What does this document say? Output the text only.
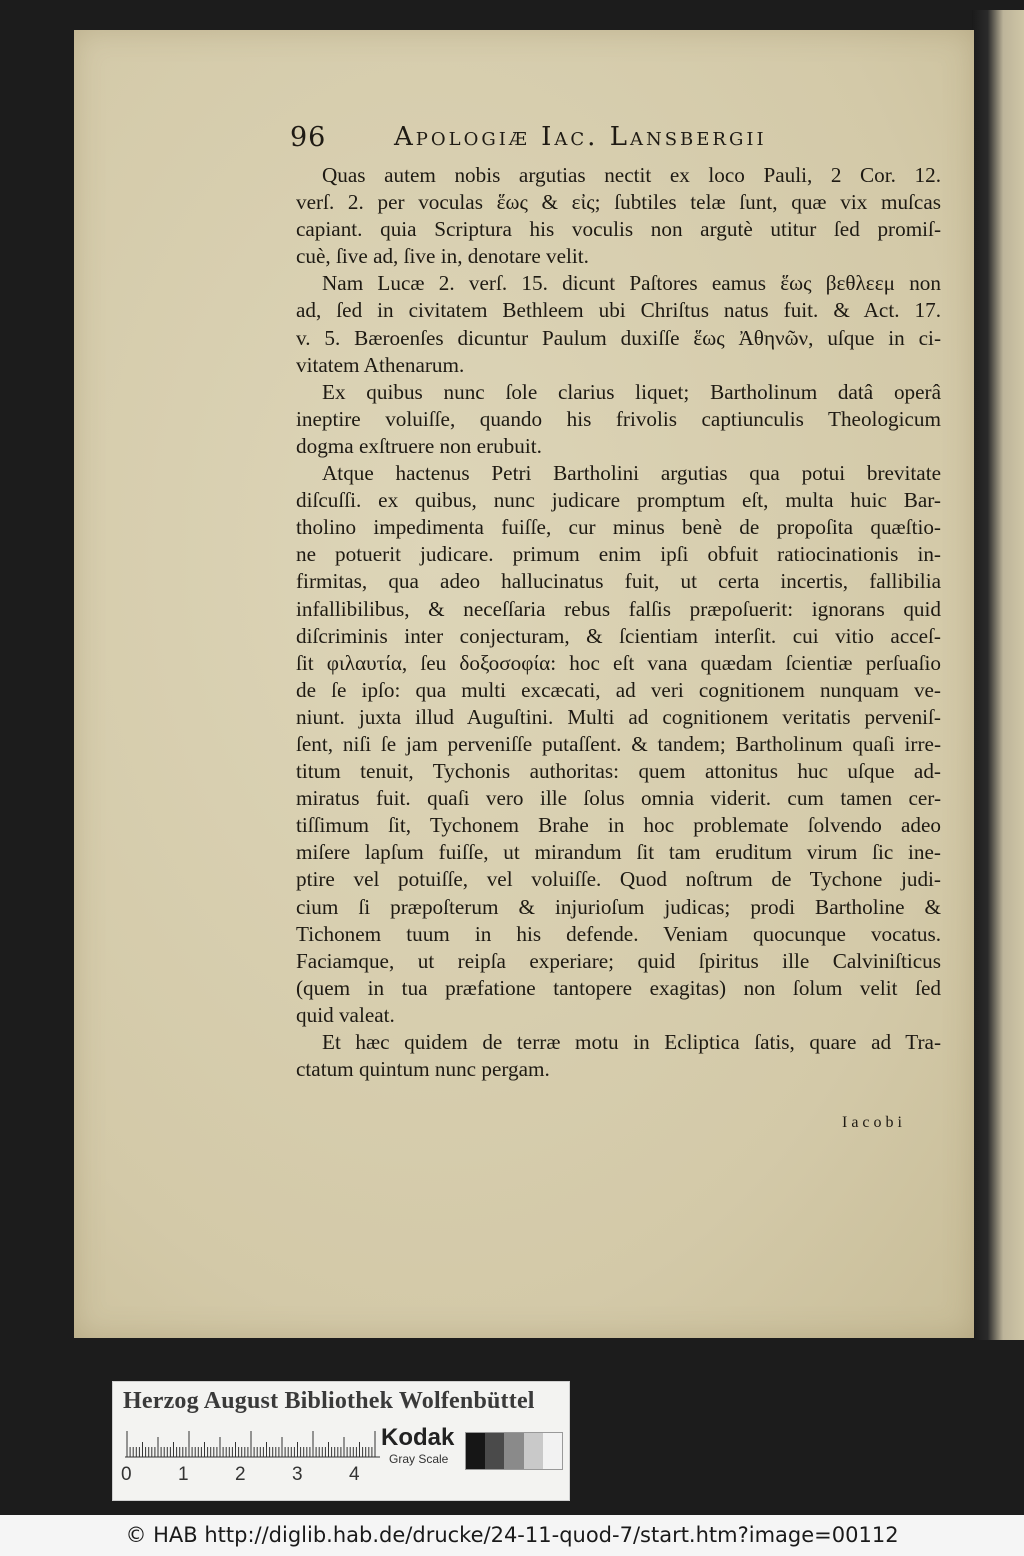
96	Apologiæ Iac. Lansbergii
Quas autem nobis argutias nectit ex loco Pauli, 2 Cor. 12.
verſ. 2. per voculas ἕως & εἰς; ſubtiles telæ ſunt, quæ vix muſcas
capiant. quia Scriptura his voculis non argutè utitur ſed promiſ-
cuè, ſive ad, ſive in, denotare velit.
Nam Lucæ 2. verſ. 15. dicunt Paſtores eamus ἕως βεθλεεμ non
ad, ſed in civitatem Bethleem ubi Chriſtus natus fuit. & Act. 17.
v. 5. Bæroenſes dicuntur Paulum duxiſſe ἕως Ἀθηνῶν, uſque in ci-
vitatem Athenarum.
Ex quibus nunc ſole clarius liquet; Bartholinum datâ operâ
ineptire voluiſſe, quando his frivolis captiunculis Theologicum
dogma exſtruere non erubuit.
Atque hactenus Petri Bartholini argutias qua potui brevitate
diſcuſſi. ex quibus, nunc judicare promptum eſt, multa huic Bar-
tholino impedimenta fuiſſe, cur minus benè de propoſita quæſtio-
ne potuerit judicare. primum enim ipſi obfuit ratiocinationis in-
firmitas, qua adeo hallucinatus fuit, ut certa incertis, fallibilia
infallibilibus, & neceſſaria rebus falſis præpoſuerit: ignorans quid
diſcriminis inter conjecturam, & ſcientiam interſit. cui vitio acceſ-
ſit φιλαυτία, ſeu δοξοσοφία: hoc eſt vana quædam ſcientiæ perſuaſio
de ſe ipſo: qua multi excæcati, ad veri cognitionem nunquam ve-
niunt. juxta illud Auguſtini. Multi ad cognitionem veritatis perveniſ-
ſent, niſi ſe jam perveniſſe putaſſent. & tandem; Bartholinum quaſi irre-
titum tenuit, Tychonis authoritas: quem attonitus huc uſque ad-
miratus fuit. quaſi vero ille ſolus omnia viderit. cum tamen cer-
tiſſimum ſit, Tychonem Brahe in hoc problemate ſolvendo adeo
miſere lapſum fuiſſe, ut mirandum ſit tam eruditum virum ſic ine-
ptire vel potuiſſe, vel voluiſſe. Quod noſtrum de Tychone judi-
cium ſi præpoſterum & injurioſum judicas; prodi Bartholine &
Tichonem tuum in his defende. Veniam quocunque vocatus.
Faciamque, ut reipſa experiare; quid ſpiritus ille Calviniſticus
(quem in tua præfatione tantopere exagitas) non ſolum velit ſed
quid valeat.
Et hæc quidem de terræ motu in Ecliptica ſatis, quare ad Tra-
ctatum quintum nunc pergam.
Iacobi
Herzog August Bibliothek Wolfenbüttel
0 1 2 3 4
Kodak
Gray Scale
© HAB http://diglib.hab.de/drucke/24-11-quod-7/start.htm?image=00112
